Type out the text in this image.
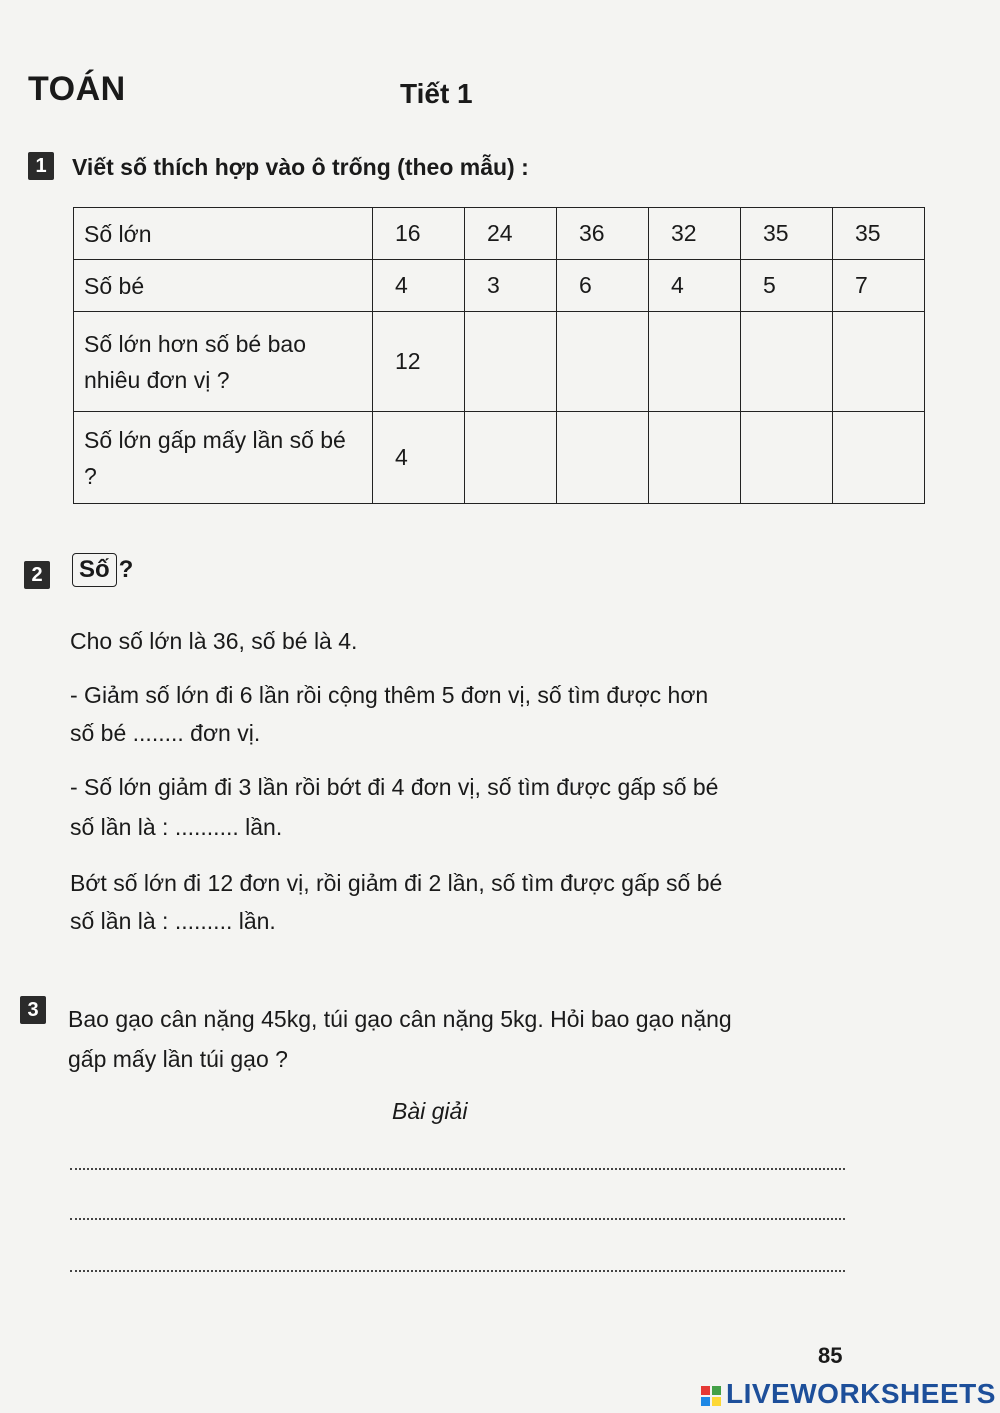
TOÁN	Tiết 1
1	Viết số thích hợp vào ô trống (theo mẫu) :
Số lớn	16	24	36	32	35	35
Số bé	4	3	6	4	5	7
Số lớn hơn số bé bao nhiêu đơn vị ?	12					
Số lớn gấp mấy lần số bé ?	4					
2	Số ?
Cho số lớn là 36, số bé là 4.
- Giảm số lớn đi 6 lần rồi cộng thêm 5 đơn vị, số tìm được hơn
số bé ........ đơn vị.
- Số lớn giảm đi 3 lần rồi bớt đi 4 đơn vị, số tìm được gấp số bé
số lần là : .......... lần.
Bớt số lớn đi 12 đơn vị, rồi giảm đi 2 lần, số tìm được gấp số bé
số lần là : ......... lần.
3	Bao gạo cân nặng 45kg, túi gạo cân nặng 5kg. Hỏi bao gạo nặng
gấp mấy lần túi gạo ?
Bài giải
85
LIVEWORKSHEETS
